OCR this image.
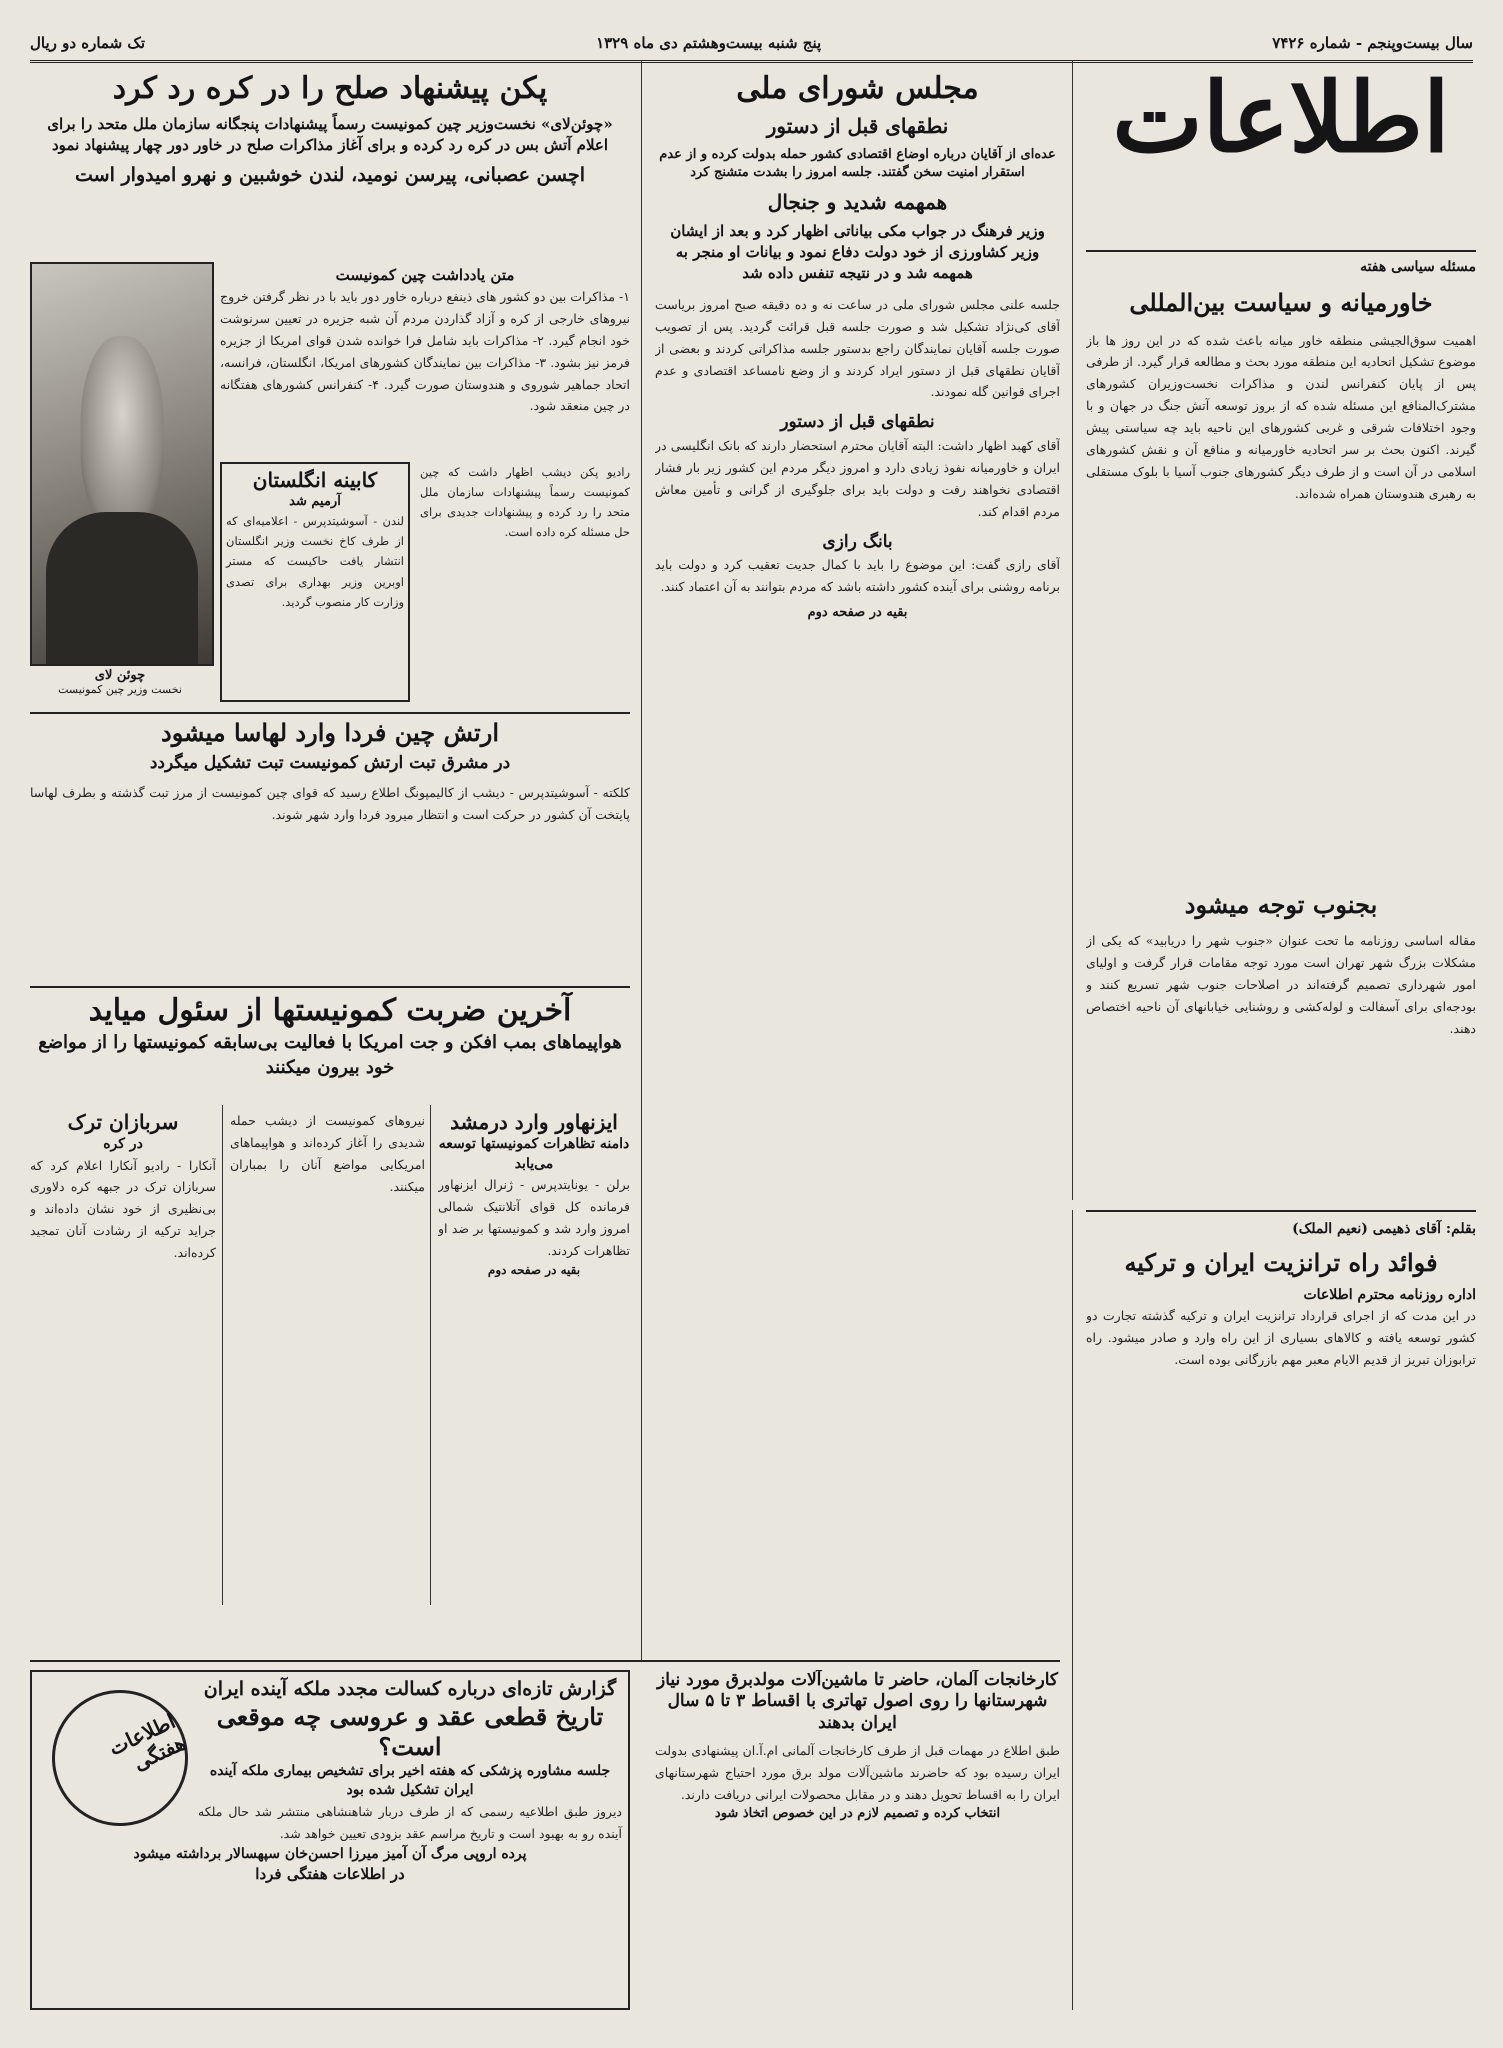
سال بیست‌وپنجم - شماره ۷۴۲۶
پنج شنبه بیست‌وهشتم دی ماه ۱۳۲۹
تک شماره دو ریال
اطلاعات
مسئله سیاسی هفته
خاورمیانه و سیاست بین‌المللی
اهمیت سوق‌الجیشی منطقه خاور میانه باعث شده که در این روز ها باز موضوع تشکیل اتحادیه این منطقه مورد بحث و مطالعه قرار گیرد. از طرفی پس از پایان کنفرانس لندن و مذاکرات نخست‌وزیران کشورهای مشترک‌المنافع این مسئله شده که از بروز توسعه آتش جنگ در جهان و با وجود اختلافات شرقی و غربی کشورهای این ناحیه باید چه سیاستی پیش گیرند. اکنون بحث بر سر اتحادیه خاورمیانه و منافع آن و نقش کشورهای اسلامی در آن است و از طرف دیگر کشورهای جنوب آسیا با بلوک مستقلی به رهبری هندوستان همراه شده‌اند.
بجنوب توجه میشود
مقاله اساسی روزنامه ما تحت عنوان «جنوب شهر را دریابید» که یکی از مشکلات بزرگ شهر تهران است مورد توجه مقامات قرار گرفت و اولیای امور شهرداری تصمیم گرفته‌اند در اصلاحات جنوب شهر تسریع کنند و بودجه‌ای برای آسفالت و لوله‌کشی و روشنایی خیابانهای آن ناحیه اختصاص دهند.
مجلس شورای ملی
نطقهای قبل از دستور
عده‌ای از آقایان درباره اوضاع اقتصادی کشور حمله بدولت کرده و از عدم استقرار امنیت سخن گفتند. جلسه امروز را بشدت متشنج کرد
همهمه شدید و جنجال
وزیر فرهنگ در جواب مکی بیاناتی اظهار کرد و بعد از ایشان وزیر کشاورزی از خود دولت دفاع نمود و بیانات او منجر به همهمه شد و در نتیجه تنفس داده شد
جلسه علنی مجلس شورای ملی در ساعت نه و ده دقیقه صبح امروز بریاست آقای کی‌نژاد تشکیل شد و صورت جلسه قبل قرائت گردید. پس از تصویب صورت جلسه آقایان نمایندگان راجع بدستور جلسه مذاکراتی کردند و بعضی از آقایان نطقهای قبل از دستور ایراد کردند و از وضع نامساعد اقتصادی و عدم اجرای قوانین گله نمودند.
نطقهای قبل از دستور
آقای کهبد اظهار داشت: البته آقایان محترم استحضار دارند که بانک انگلیسی در ایران و خاورمیانه نفوذ زیادی دارد و امروز دیگر مردم این کشور زیر بار فشار اقتصادی نخواهند رفت و دولت باید برای جلوگیری از گرانی و تأمین معاش مردم اقدام کند.
بانگ رازی
آقای رازی گفت: این موضوع را باید با کمال جدیت تعقیب کرد و دولت باید برنامه روشنی برای آینده کشور داشته باشد که مردم بتوانند به آن اعتماد کنند.
بقیه در صفحه دوم
پکن پیشنهاد صلح را در کره رد کرد
«چوئن‌لای» نخست‌وزیر چین کمونیست رسماً پیشنهادات پنجگانه سازمان ملل متحد را برای اعلام آتش بس در کره رد کرده و برای آغاز مذاکرات صلح در خاور دور چهار پیشنهاد نمود
اچسن عصبانی، پیرسن نومید، لندن خوشبین و نهرو امیدوار است
متن یادداشت چین کمونیست
۱- مذاکرات بین دو کشور های ذینفع درباره خاور دور باید با در نظر گرفتن خروج نیروهای خارجی از کره و آزاد گذاردن مردم آن شبه جزیره در تعیین سرنوشت خود انجام گیرد. ۲- مذاکرات باید شامل فرا خوانده شدن قوای امریکا از جزیره فرمز نیز بشود. ۳- مذاکرات بین نمایندگان کشورهای امریکا، انگلستان، فرانسه، اتحاد جماهیر شوروی و هندوستان صورت گیرد. ۴- کنفرانس کشورهای هفتگانه در چین منعقد شود.
چوئن لای
نخست وزیر چین کمونیست
کابینه انگلستان
آرمیم شد
لندن - آسوشیتدپرس - اعلامیه‌ای که از طرف کاخ نخست وزیر انگلستان انتشار یافت حاکیست که مستر اوبرین وزیر بهداری برای تصدی وزارت کار منصوب گردید.
رادیو پکن دیشب اظهار داشت که چین کمونیست رسماً پیشنهادات سازمان ملل متحد را رد کرده و پیشنهادات جدیدی برای حل مسئله کره داده است.
ارتش چین فردا وارد لهاسا میشود
در مشرق تبت ارتش کمونیست تبت تشکیل میگردد
کلکته - آسوشیتدپرس - دیشب از کالیمپونگ اطلاع رسید که قوای چین کمونیست از مرز تبت گذشته و بطرف لهاسا پایتخت آن کشور در حرکت است و انتظار میرود فردا وارد شهر شوند.
آخرین ضربت کمونیستها از سئول میاید
هواپیماهای بمب افکن و جت امریکا با فعالیت بی‌سابقه کمونیستها را از مواضع خود بیرون میکنند
سربازان ترک
در کره
آنکارا - رادیو آنکارا اعلام کرد که سربازان ترک در جبهه کره دلاوری بی‌نظیری از خود نشان داده‌اند و جراید ترکیه از رشادت آنان تمجید کرده‌اند.
نیروهای کمونیست از دیشب حمله شدیدی را آغاز کرده‌اند و هواپیماهای امریکایی مواضع آنان را بمباران میکنند.
ایزنهاور وارد درمشد
دامنه تظاهرات کمونیستها توسعه می‌یابد
برلن - یونایتدپرس - ژنرال ایزنهاور فرمانده کل قوای آتلانتیک شمالی امروز وارد شد و کمونیستها بر ضد او تظاهرات کردند.
بقیه در صفحه دوم
گزارش تازه‌ای درباره کسالت مجدد ملکه آینده ایران
تاریخ قطعی عقد و عروسی چه موقعی است؟
جلسه مشاوره پزشکی که هفته اخیر برای تشخیص بیماری ملکه آینده ایران تشکیل شده بود
دیروز طبق اطلاعیه رسمی که از طرف دربار شاهنشاهی منتشر شد حال ملکه آینده رو به بهبود است و تاریخ مراسم عقد بزودی تعیین خواهد شد.
پرده اروپی مرگ آن آمیز میرزا احسن‌خان سپهسالار برداشته میشود
در اطلاعات هفتگی فردا
اطلاعات هفتگی
کارخانجات آلمان، حاضر تا ماشین‌آلات مولدبرق مورد نیاز شهرستانها را روی اصول تهاتری با اقساط ۳ تا ۵ سال ایران بدهند
طبق اطلاع در مهمات قبل از طرف کارخانجات آلمانی ام.آ.ان پیشنهادی بدولت ایران رسیده بود که حاضرند ماشین‌آلات مولد برق مورد احتیاج شهرستانهای ایران را به اقساط تحویل دهند و در مقابل محصولات ایرانی دریافت دارند.
انتخاب کرده و تصمیم لازم در این خصوص اتخاذ شود
بقلم: آقای ذهیمی (نعیم الملک)
فوائد راه ترانزیت ایران و ترکیه
اداره روزنامه محترم اطلاعات
در این مدت که از اجرای قرارداد ترانزیت ایران و ترکیه گذشته تجارت دو کشور توسعه یافته و کالاهای بسیاری از این راه وارد و صادر میشود. راه ترابوزان تبریز از قدیم الایام معبر مهم بازرگانی بوده است.
